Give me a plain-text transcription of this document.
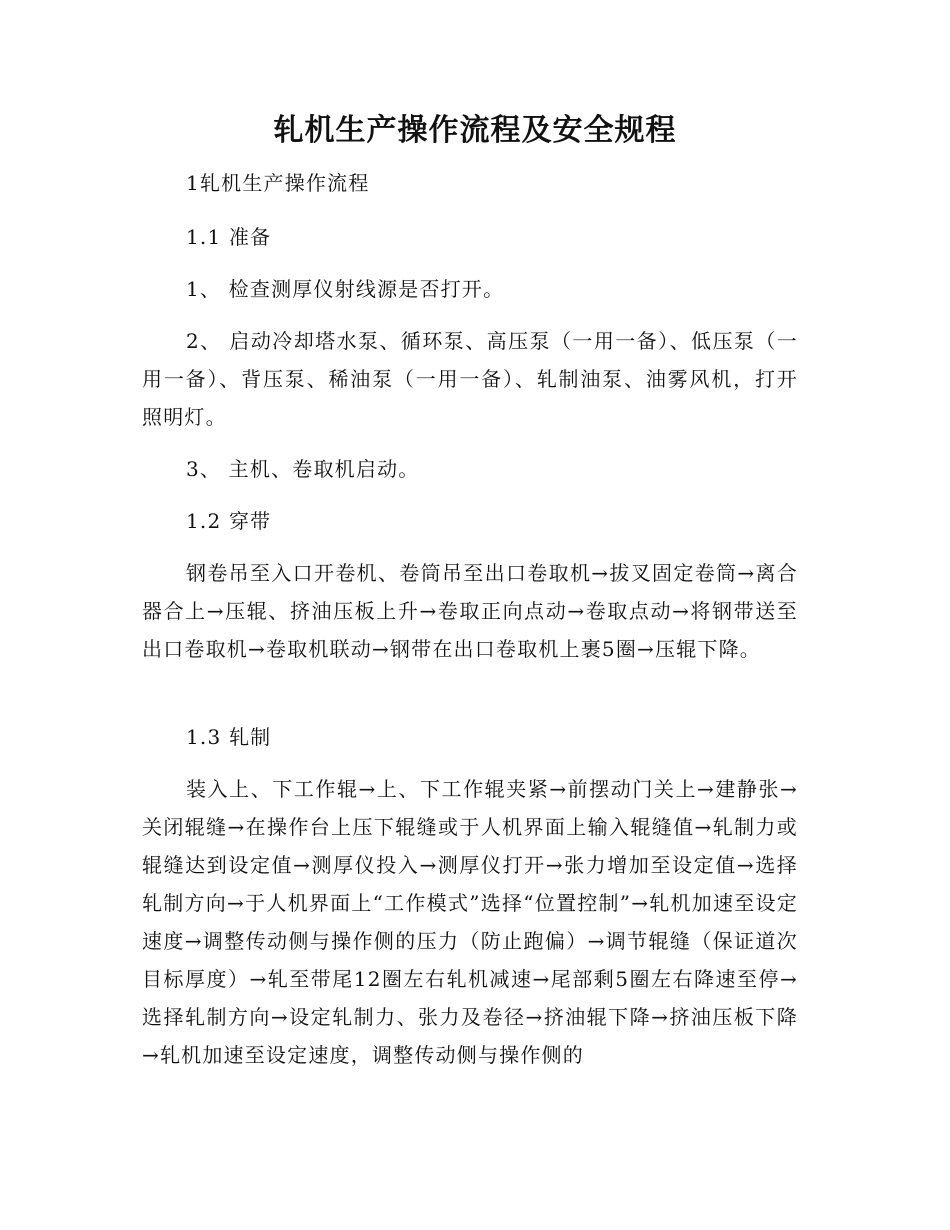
轧机生产操作流程及安全规程

1轧机生产操作流程

1.1 准备

1、 检查测厚仪射线源是否打开。

2、 启动冷却塔水泵、循环泵、高压泵（一用一备）、低压泵（一用一备）、背压泵、稀油泵（一用一备）、轧制油泵、油雾风机，打开照明灯。

3、 主机、卷取机启动。

1.2 穿带

钢卷吊至入口开卷机、卷筒吊至出口卷取机→拔叉固定卷筒→离合器合上→压辊、挤油压板上升→卷取正向点动→卷取点动→将钢带送至出口卷取机→卷取机联动→钢带在出口卷取机上裹5圈→压辊下降。

1.3 轧制

装入上、下工作辊→上、下工作辊夹紧→前摆动门关上→建静张→关闭辊缝→在操作台上压下辊缝或于人机界面上输入辊缝值→轧制力或辊缝达到设定值→测厚仪投入→测厚仪打开→张力增加至设定值→选择轧制方向→于人机界面上“工作模式”选择“位置控制”→轧机加速至设定速度→调整传动侧与操作侧的压力（防止跑偏）→调节辊缝（保证道次目标厚度）→轧至带尾12圈左右轧机减速→尾部剩5圈左右降速至停→选择轧制方向→设定轧制力、张力及卷径→挤油辊下降→挤油压板下降→轧机加速至设定速度，调整传动侧与操作侧的
